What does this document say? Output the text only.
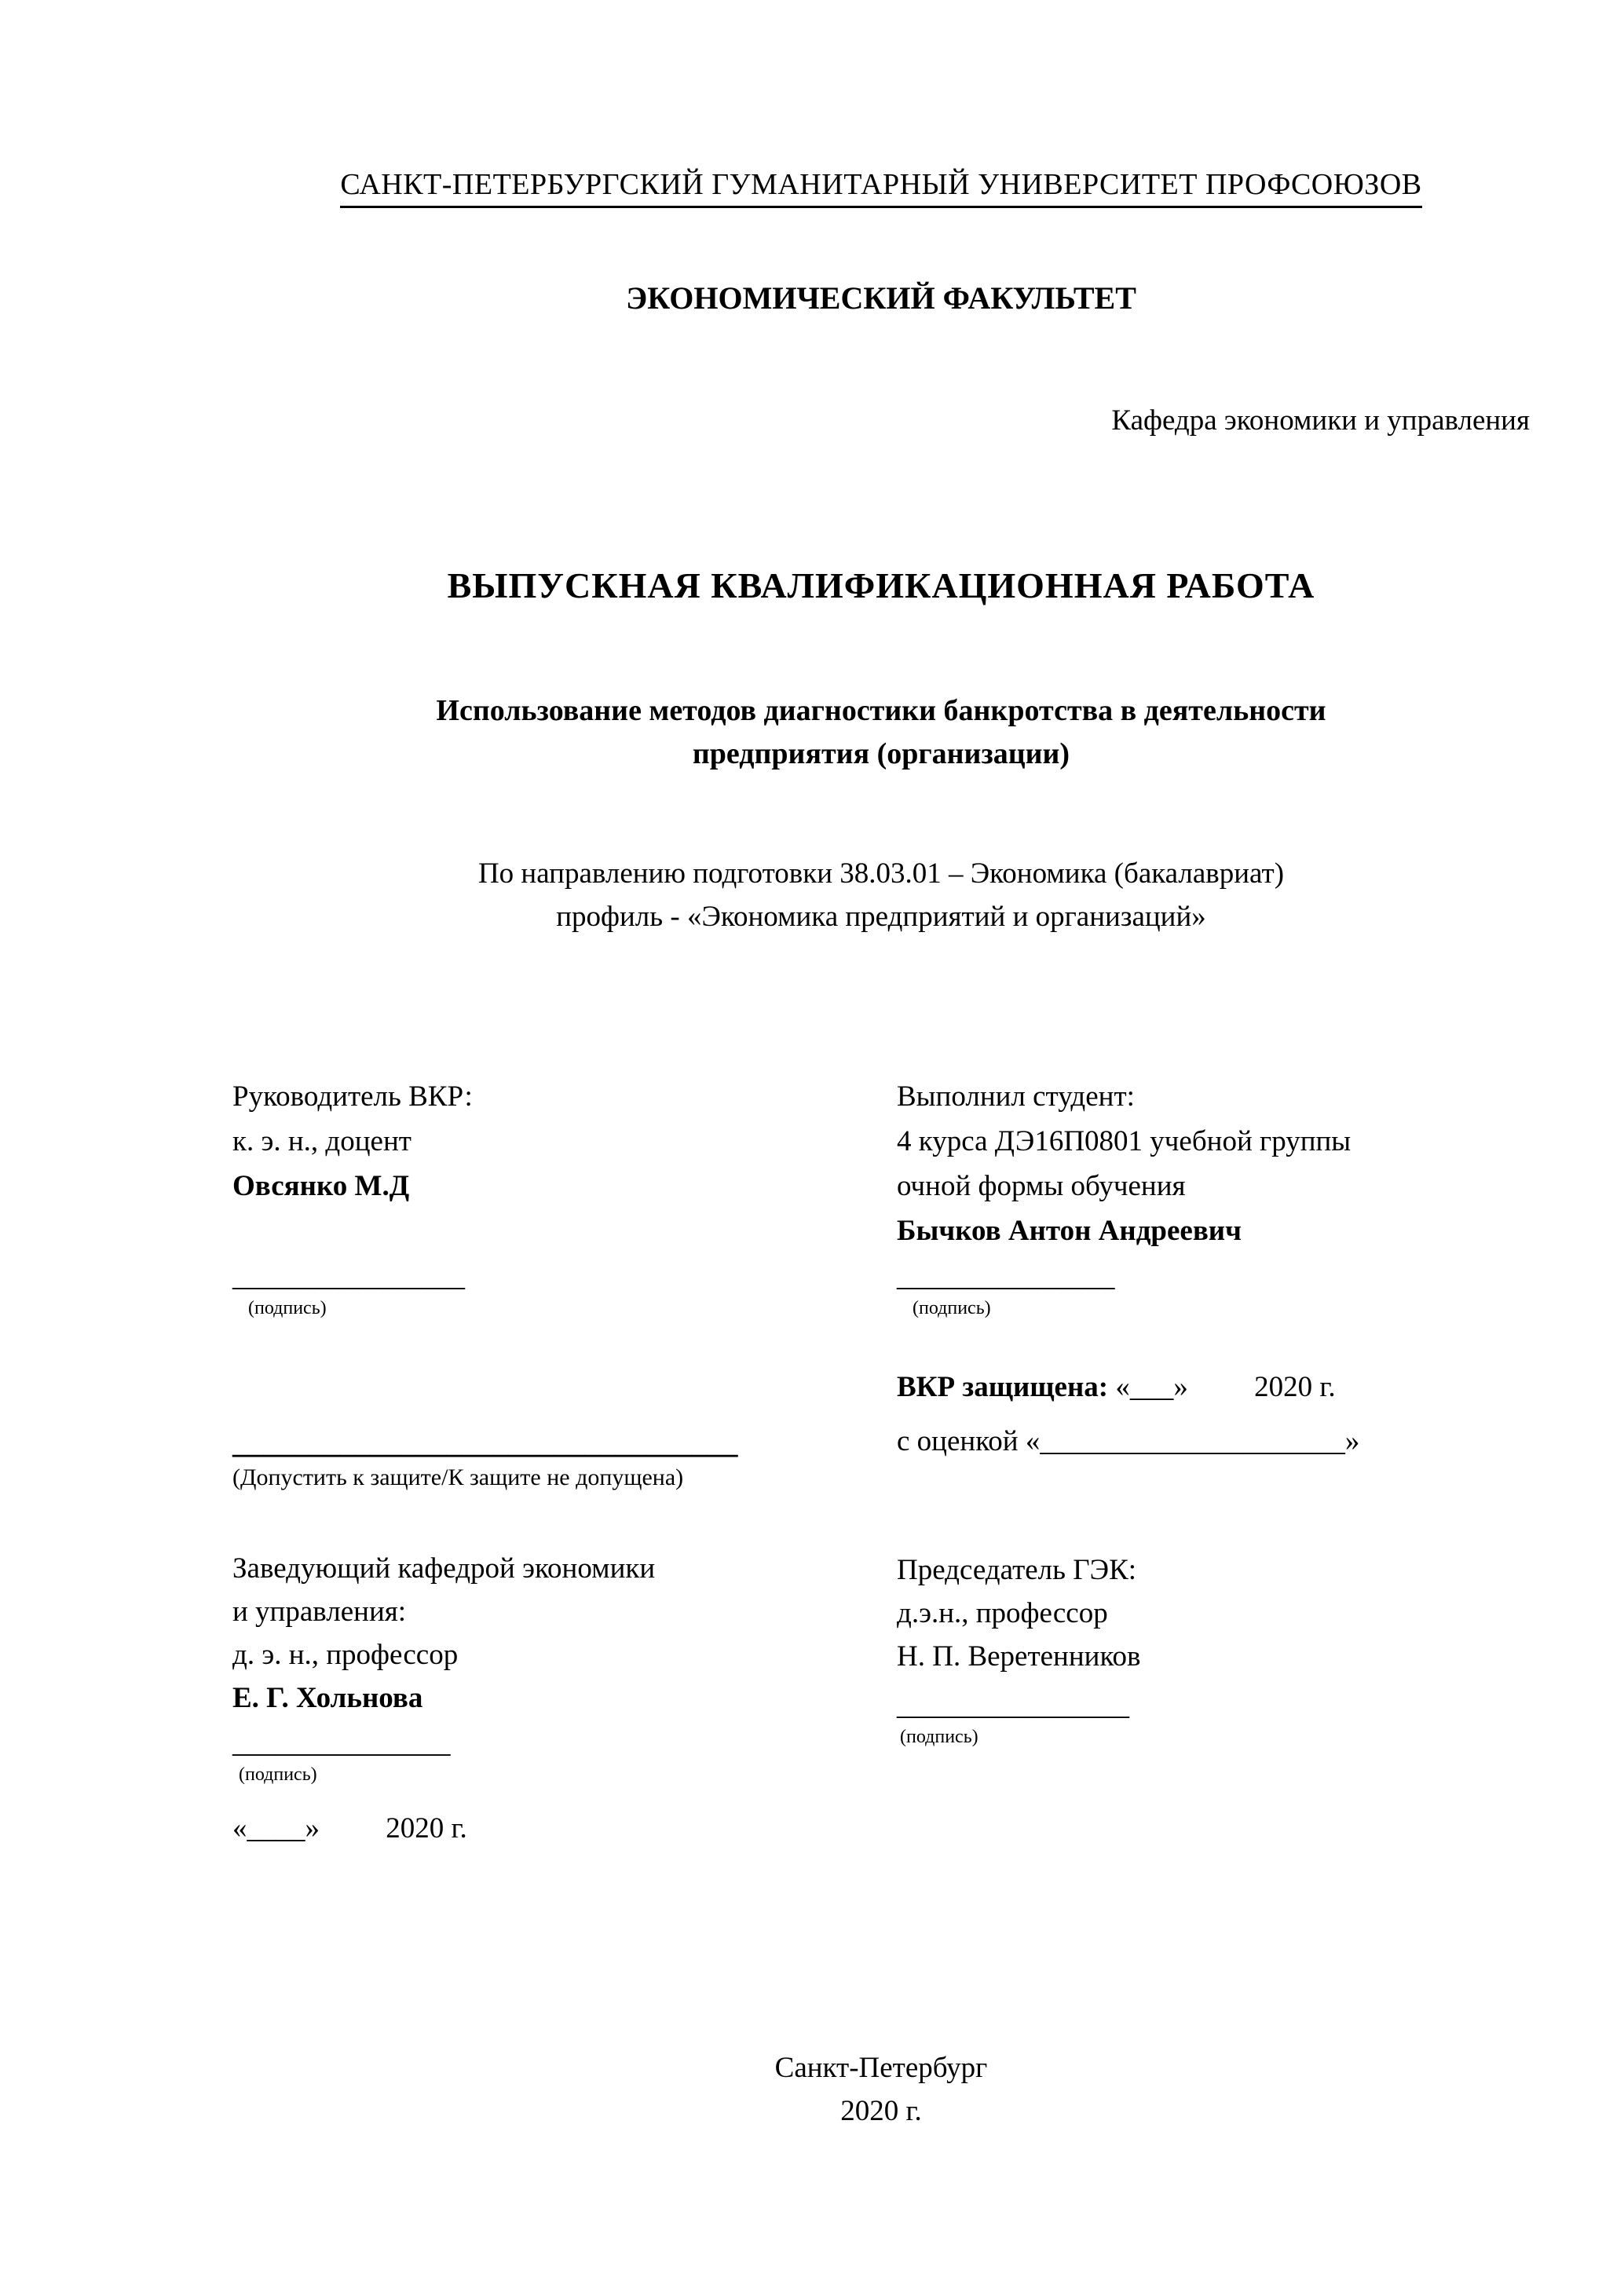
САНКТ-ПЕТЕРБУРГСКИЙ ГУМАНИТАРНЫЙ УНИВЕРСИТЕТ ПРОФСОЮЗОВ
ЭКОНОМИЧЕСКИЙ ФАКУЛЬТЕТ
Кафедра экономики и управления
ВЫПУСКНАЯ КВАЛИФИКАЦИОННАЯ РАБОТА
Использование методов диагностики банкротства в деятельности
предприятия (организации)
По направлению подготовки 38.03.01 – Экономика (бакалавриат)
профиль - «Экономика предприятий и организаций»
Руководитель ВКР:
к. э. н., доцент
Овсянко М.Д
________________
(подпись)
Выполнил студент:
4 курса ДЭ16П0801 учебной группы
очной формы обучения
Бычков Антон Андреевич
_______________
(подпись)
ВКР защищена: «___» 2020 г.
с оценкой «_____________________»
_________________________________
(Допустить к защите/К защите не допущена)
Заведующий кафедрой экономики
и управления:
д. э. н., профессор
Е. Г. Хольнова
_______________
(подпись)
«____» 2020 г.
Председатель ГЭК:
д.э.н., профессор
Н. П. Веретенников
________________
(подпись)
Санкт-Петербург
2020 г.
